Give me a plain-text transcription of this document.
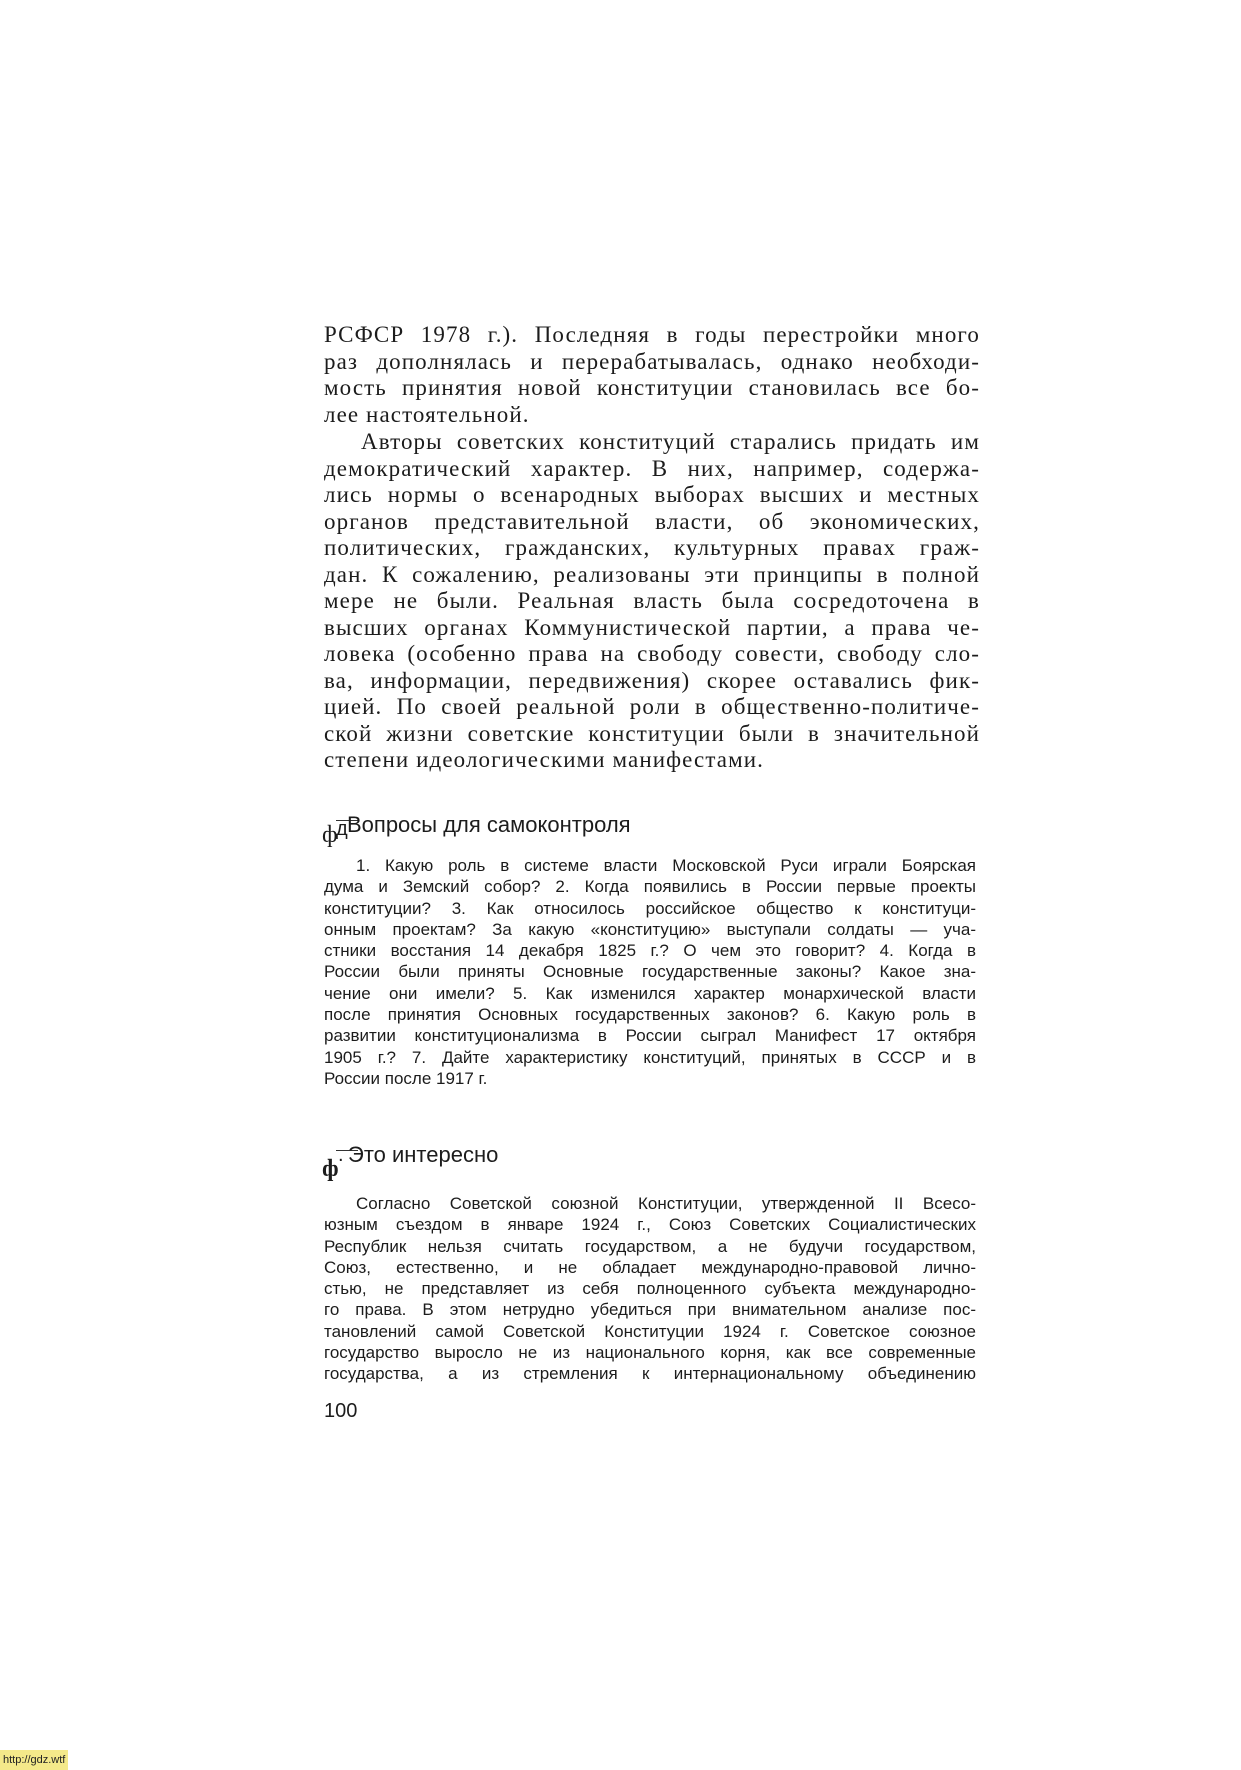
РСФСР 1978 г.). Последняя в годы перестройки много
раз дополнялась и перерабатывалась, однако необходи-
мость принятия новой конституции становилась все бо-
лее настоятельной.

Авторы советских конституций старались придать им
демократический характер. В них, например, содержа-
лись нормы о всенародных выборах высших и местных
органов представительной власти, об экономических,
политических, гражданских, культурных правах граж-
дан. К сожалению, реализованы эти принципы в полной
мере не были. Реальная власть была сосредоточена в
высших органах Коммунистической партии, а права че-
ловека (особенно права на свободу совести, свободу сло-
ва, информации, передвижения) скорее оставались фик-
цией. По своей реальной роли в общественно-политиче-
ской жизни советские конституции были в значительной
степени идеологическими манифестами.

д Вопросы для самоконтроля
ф
1. Какую роль в системе власти Московской Руси играли Боярская
дума и Земский собор? 2. Когда появились в России первые проекты
конституции? 3. Как относилось российское общество к конституци-
онным проектам? За какую «конституцию» выступали солдаты — уча-
стники восстания 14 декабря 1825 г.? О чем это говорит? 4. Когда в
России были приняты Основные государственные законы? Какое зна-
чение они имели? 5. Как изменился характер монархической власти
после принятия Основных государственных законов? 6. Какую роль в
развитии конституционализма в России сыграл Манифест 17 октября
1905 г.? 7. Дайте характеристику конституций, принятых в СССР и в
России после 1917 г.
. Это интересно
ф
Согласно Советской союзной Конституции, утвержденной II Всесо-
юзным съездом в январе 1924 г., Союз Советских Социалистических
Республик нельзя считать государством, а не будучи государством,
Союз, естественно, и не обладает международно-правовой лично-
стью, не представляет из себя полноценного субъекта международно-
го права. В этом нетрудно убедиться при внимательном анализе пос-
тановлений самой Советской Конституции 1924 г. Советское союзное
государство выросло не из национального корня, как все современные
государства, а из стремления к интернациональному объединению
100
http://gdz.wtf
